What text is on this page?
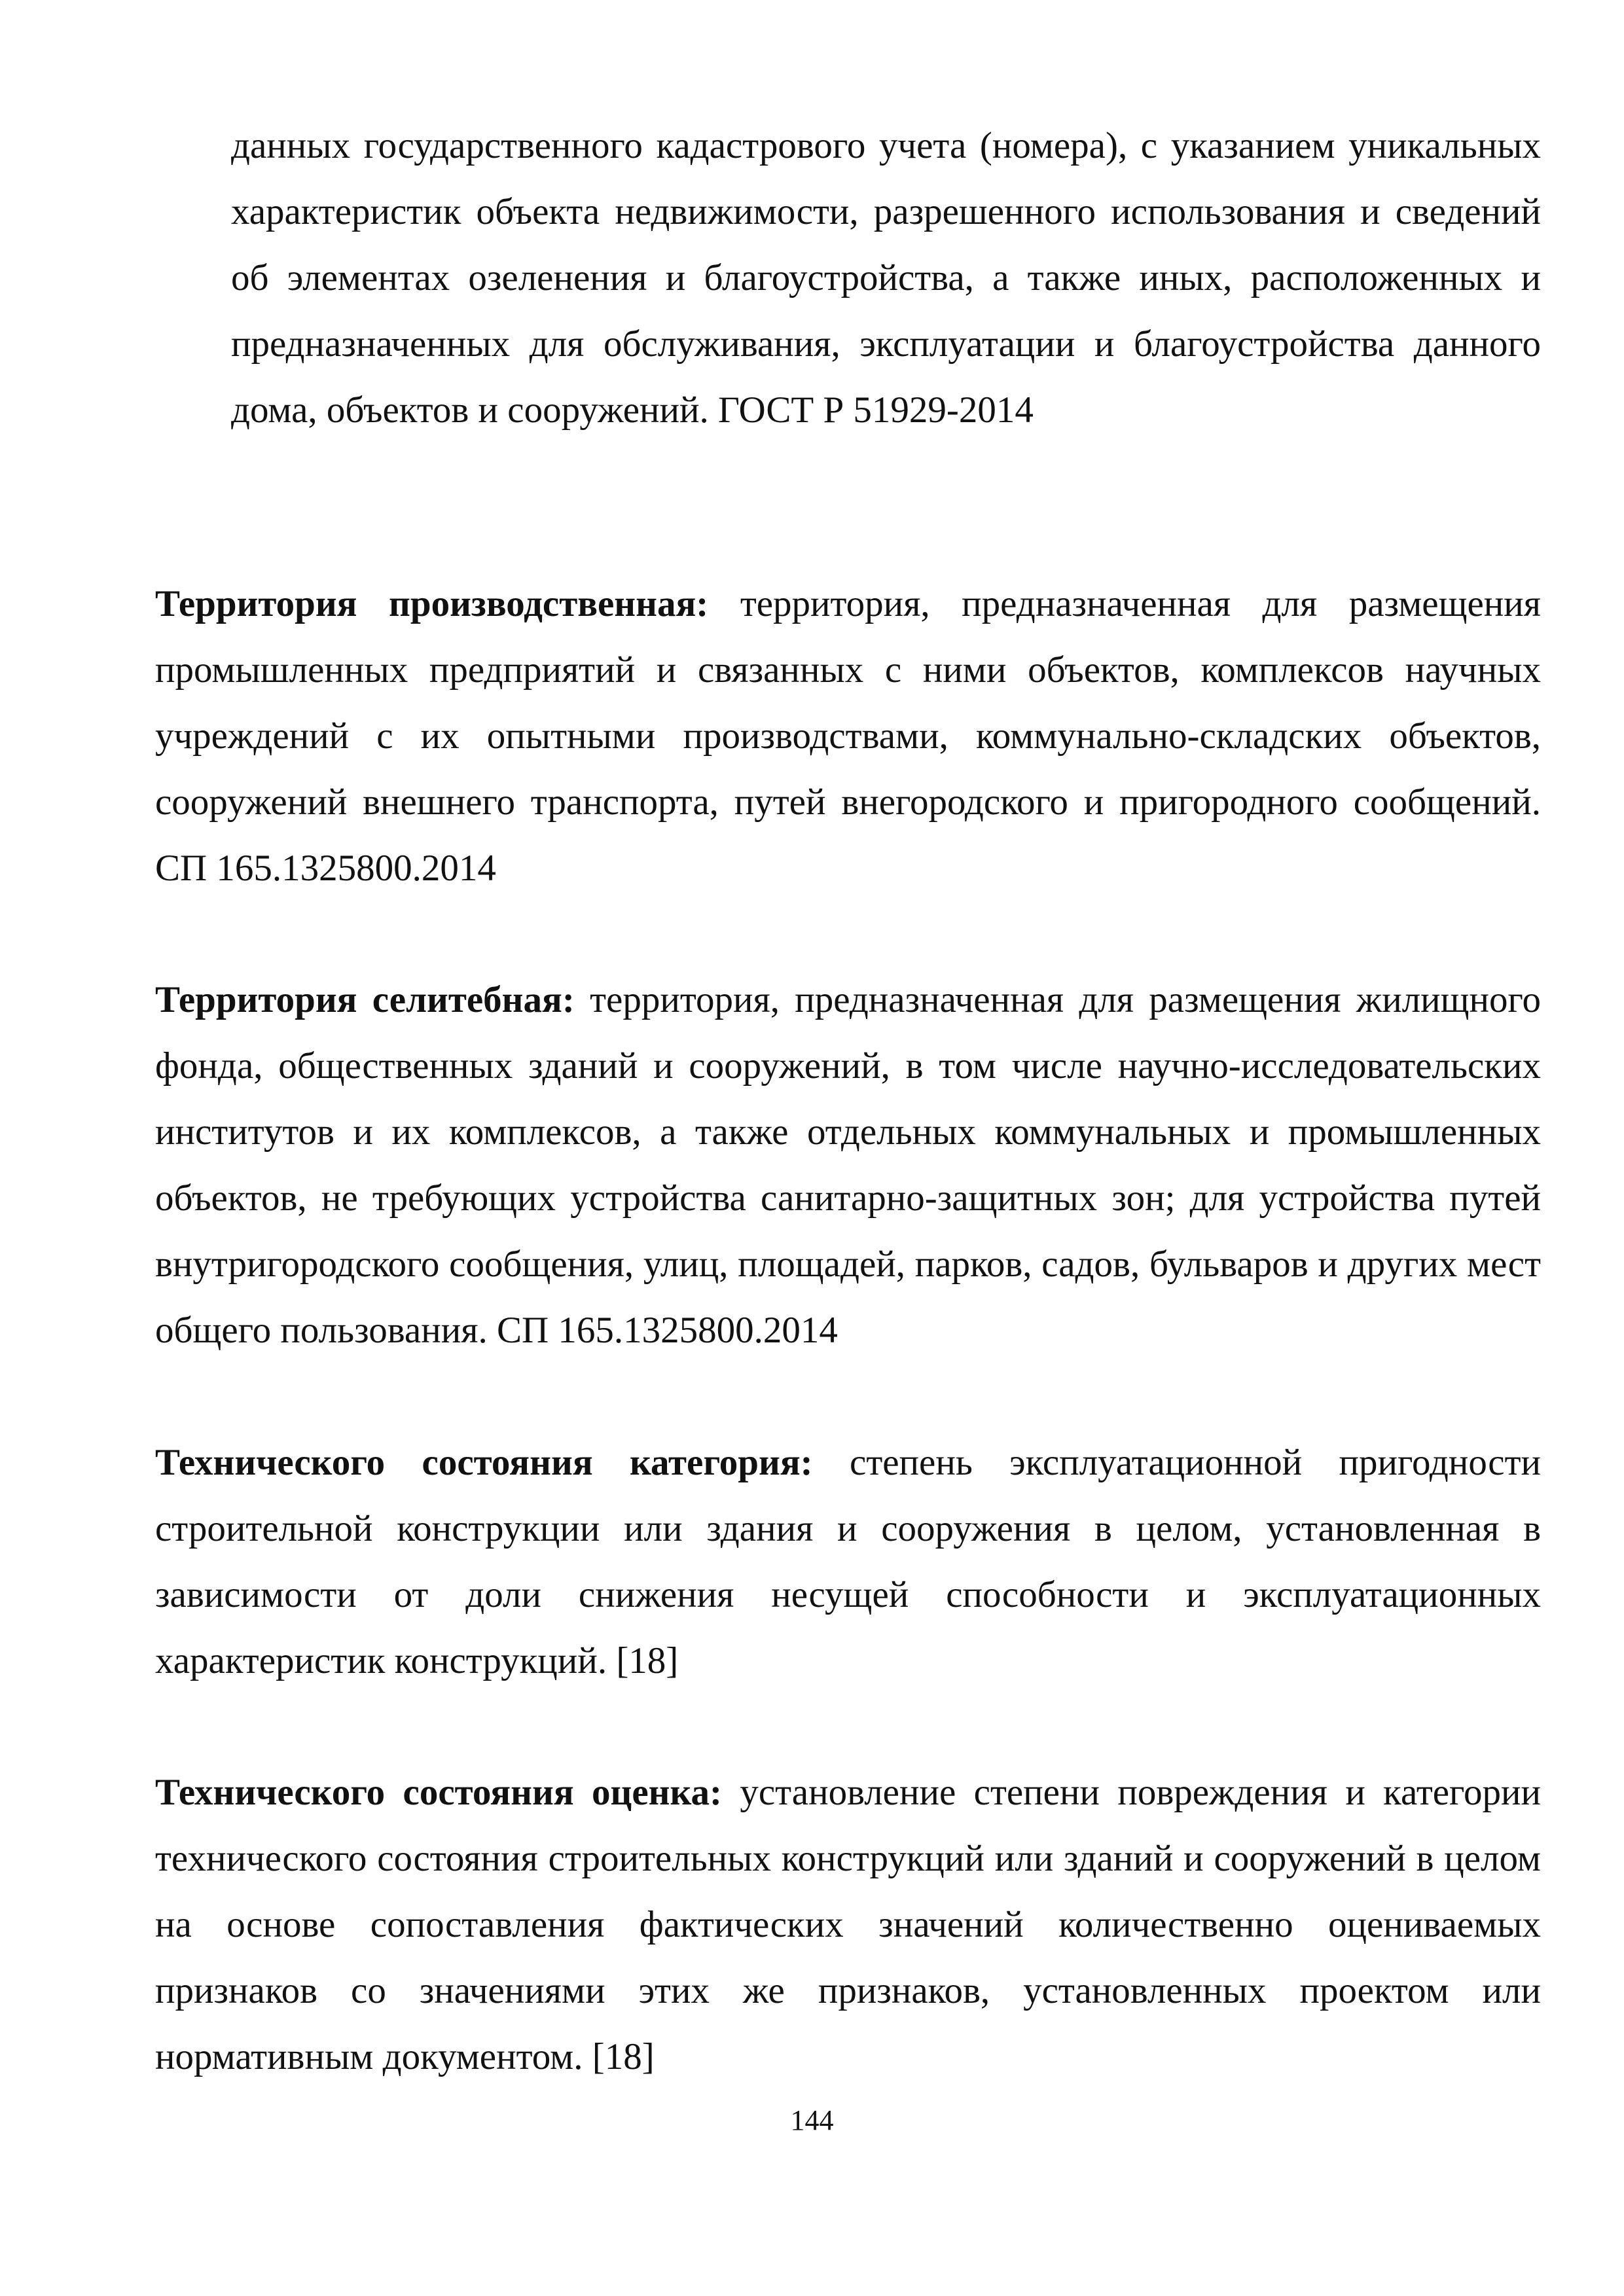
данных государственного кадастрового учета (номера), с указанием уникальных характеристик объекта недвижимости, разрешенного использования и сведений об элементах озеленения и благоустройства, а также иных, расположенных и предназначенных для обслуживания, эксплуатации и благоустройства данного дома, объектов и сооружений. ГОСТ Р 51929-2014

Территория производственная: территория, предназначенная для размещения промышленных предприятий и связанных с ними объектов, комплексов научных учреждений с их опытными производствами, коммунально-складских объектов, сооружений внешнего транспорта, путей внегородского и пригородного сообщений. СП 165.1325800.2014

Территория селитебная: территория, предназначенная для размещения жилищного фонда, общественных зданий и сооружений, в том числе научно-исследовательских институтов и их комплексов, а также отдельных коммунальных и промышленных объектов, не требующих устройства санитарно-защитных зон; для устройства путей внутригородского сообщения, улиц, площадей, парков, садов, бульваров и других мест общего пользования. СП 165.1325800.2014

Технического состояния категория: степень эксплуатационной пригодности строительной конструкции или здания и сооружения в целом, установленная в зависимости от доли снижения несущей способности и эксплуатационных характеристик конструкций. [18]

Технического состояния оценка: установление степени повреждения и категории технического состояния строительных конструкций или зданий и сооружений в целом на основе сопоставления фактических значений количественно оцениваемых признаков со значениями этих же признаков, установленных проектом или нормативным документом. [18]

144
